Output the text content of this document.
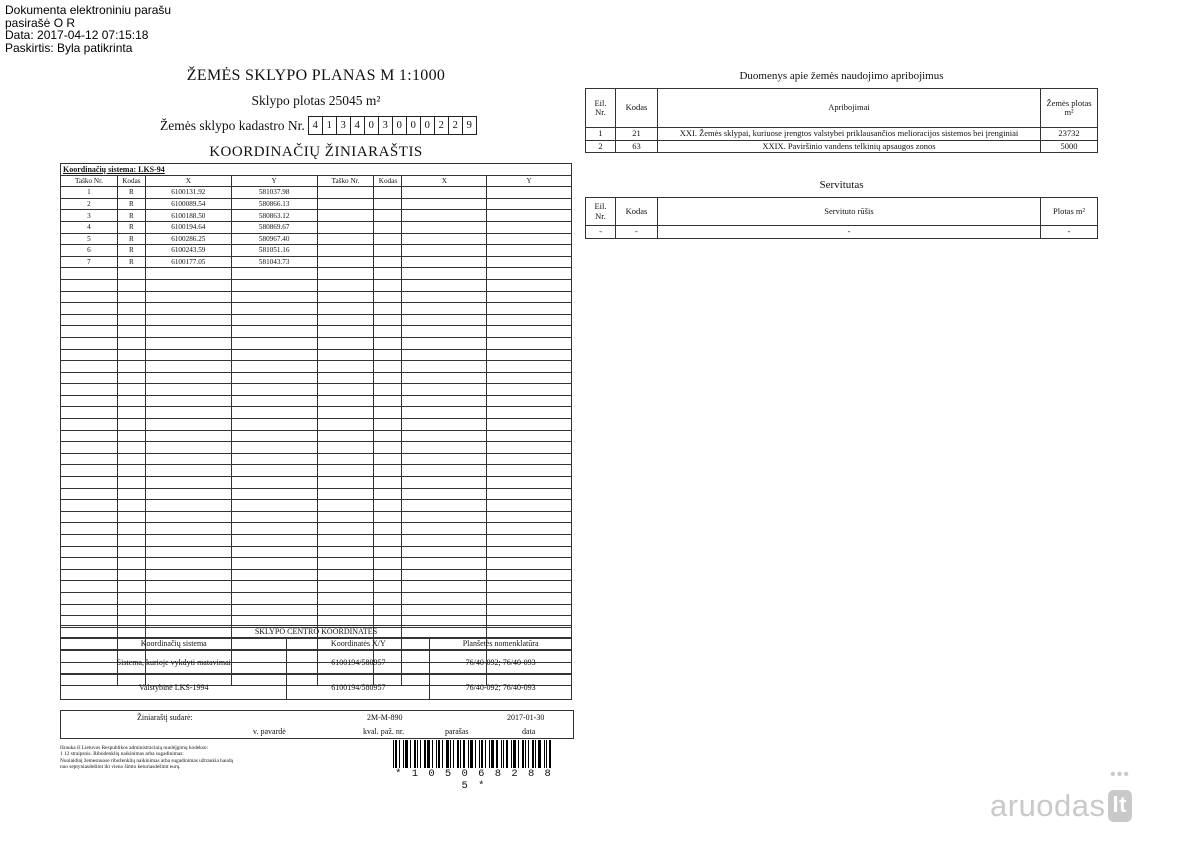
Dokumenta elektroniniu parašu
pasirašė O R
Data: 2017-04-12 07:15:18
Paskirtis: Byla patikrinta
ŽEMĖS SKLYPO PLANAS M 1:1000
Sklypo plotas 25045 m²
Žemės sklypo kadastro Nr. 4 1 3 4 0 3 0 0 0 2 2 9
KOORDINAČIŲ ŽINIARAŠTIS
Koordinačių sistema: LKS-94							
Taško Nr.	Kodas	X	Y	Taško Nr.	Kodas	X	Y
1	R	6100131.92	581037.98				
2	R	6100089.54	580866.13				
3	R	6100188.50	580863.12				
4	R	6100194.64	580869.67				
5	R	6100286.25	580967.40				
6	R	6100243.59	581051.16				
7	R	6100177.05	581043.73				

SKLYPO CENTRO KOORDINATĖS		
Koordinačių sistema	Koordinatės X/Y	Planšetės nomenklatūra
Sistema, kurioje vykdyti matavimai	6100194/580957	76/40-092; 76/40-093
Valstybinė LKS-1994	6100194/580957	76/40-092; 76/40-093
Žiniaraštį sudarė:	2M-M-890	2017-01-30
v. pavardė	kval. paž. nr.	parašas	data
Išrauka iš Lietuvos Respublikos administracinių nuolėjgimų kodekso:
1 12 straipsnis. Ribodenklių naikinimas arba sugadinimas:
Nuolaidinį žemesnuose riboženklių naikinimas arba sugadinimas užtraukia baudą
nuo septyniasdešimt iki vieno šimto keturiasdešimt eurų.
* 1 0 5 0 6 8 2 8 8 5 *
Duomenys apie žemės naudojimo apribojimus
Eil. Nr.	Kodas	Apribojimai	Žemės plotas m²
1	21	XXI. Žemės sklypai, kuriuose įrengtos valstybei priklausančios melioracijos sistemos bei įrenginiai	23732
2	63	XXIX. Paviršinio vandens telkinių apsaugos zonos	5000
Servitutas
Eil. Nr.	Kodas	Servituto rūšis	Plotas m²
-	-	-	-
aruodas lt
•••
